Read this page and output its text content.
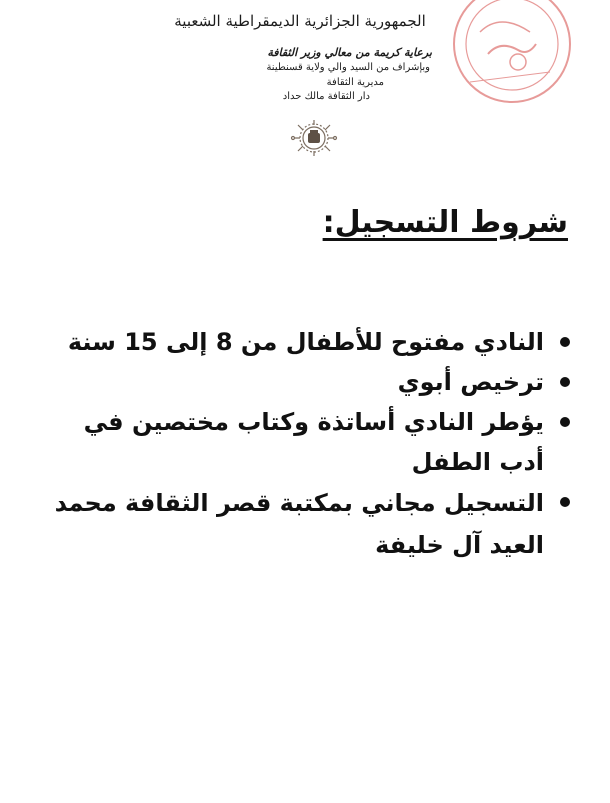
الجمهورية الجزائرية الديمقراطية الشعبية
برعاية كريمة من معالي وزير الثقافة
وبإشراف من السيد والي ولاية قسنطينة
مديرية الثقافة
دار الثقافة مالك حداد
شروط التسجيل:
النادي مفتوح للأطفال من 8 إلى 15 سنة
ترخيص أبوي
يؤطر النادي أساتذة وكتاب مختصين في أدب الطفل
التسجيل مجاني بمكتبة قصر الثقافة محمد العيد آل خليفة
